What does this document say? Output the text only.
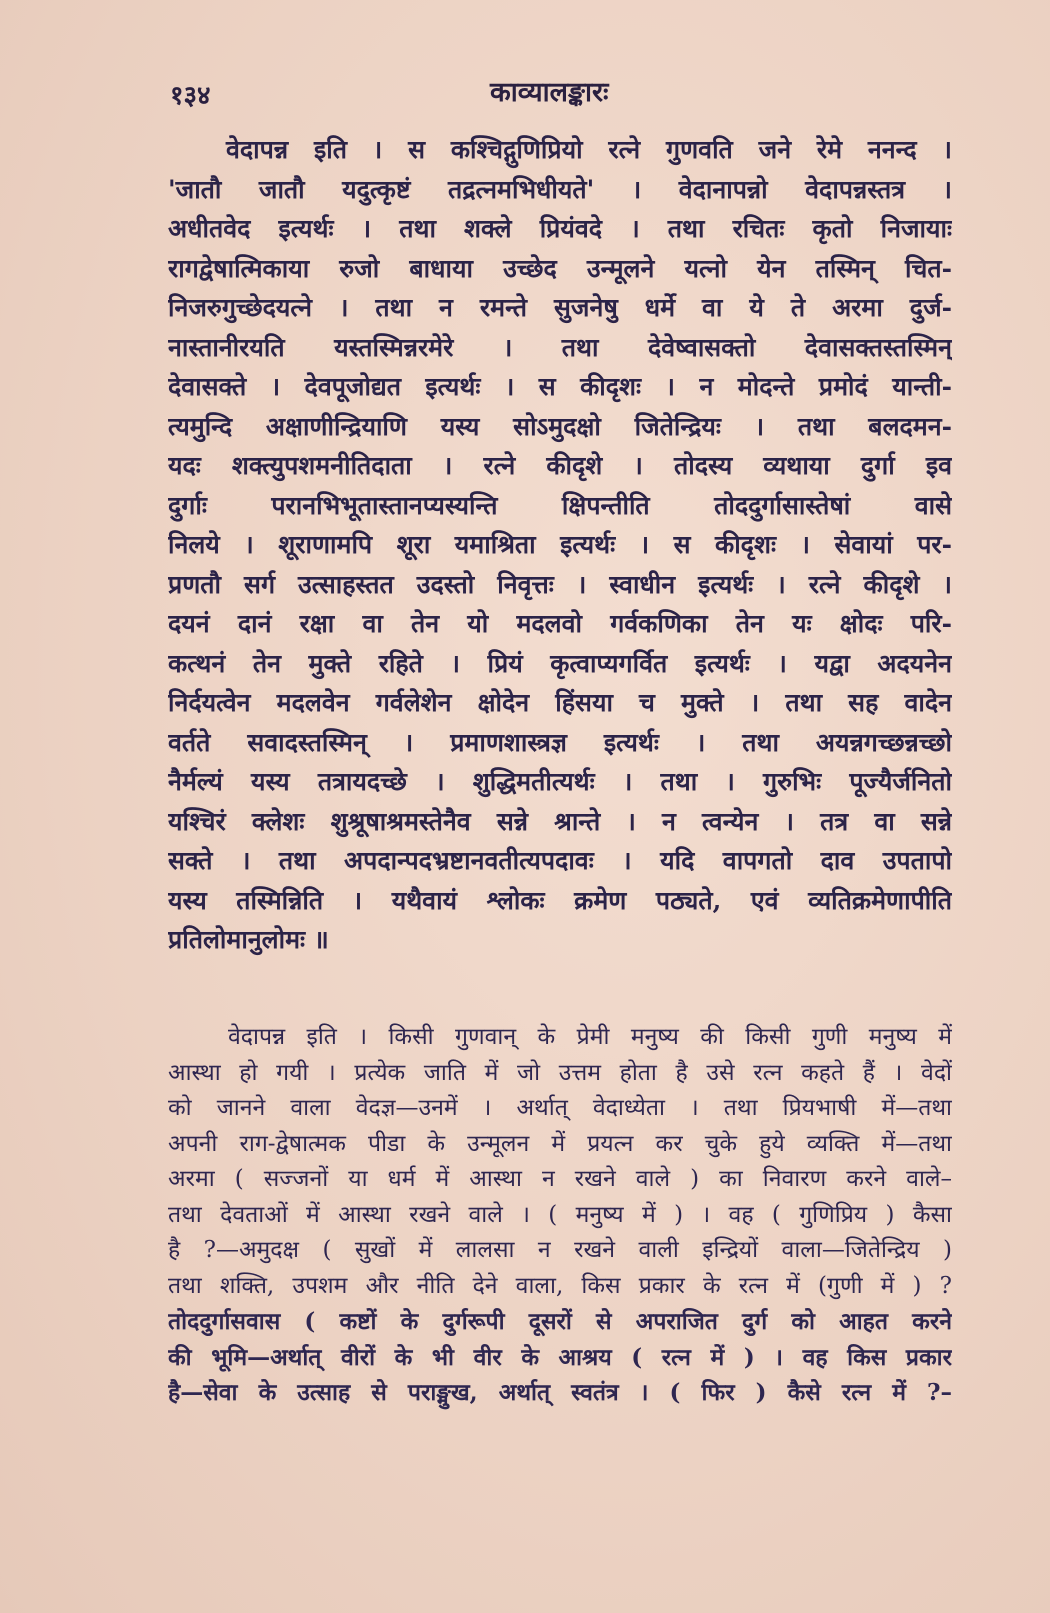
१३४	काव्यालङ्कारः
वेदापन्न इति । स कश्चिद्गुणिप्रियो रत्ने गुणवति जने रेमे ननन्द ।
'जातौ जातौ यदुत्कृष्टं तद्रत्नमभिधीयते' । वेदानापन्नो वेदापन्नस्तत्र ।
अधीतवेद इत्यर्थः । तथा शक्ले प्रियंवदे । तथा रचितः कृतो निजायाः
रागद्वेषात्मिकाया रुजो बाधाया उच्छेद उन्मूलने यत्नो येन तस्मिन् चित-
निजरुगुच्छेदयत्ने । तथा न रमन्ते सुजनेषु धर्मे वा ये ते अरमा दुर्ज-
नास्तानीरयति यस्तस्मिन्नरमेरे । तथा देवेष्वासक्तो देवासक्तस्तस्मिन्
देवासक्ते । देवपूजोद्यत इत्यर्थः । स कीदृशः । न मोदन्ते प्रमोदं यान्ती-
त्यमुन्दि अक्षाणीन्द्रियाणि यस्य सोऽमुदक्षो जितेन्द्रियः । तथा बलदमन-
यदः शक्त्युपशमनीतिदाता । रत्ने कीदृशे । तोदस्य व्यथाया दुर्गा इव
दुर्गाः परानभिभूतास्तानप्यस्यन्ति क्षिपन्तीति तोददुर्गासास्तेषां वासे
निलये । शूराणामपि शूरा यमाश्रिता इत्यर्थः । स कीदृशः । सेवायां पर-
प्रणतौ सर्ग उत्साहस्तत उदस्तो निवृत्तः । स्वाधीन इत्यर्थः । रत्ने कीदृशे ।
दयनं दानं रक्षा वा तेन यो मदलवो गर्वकणिका तेन यः क्षोदः परि-
कत्थनं तेन मुक्ते रहिते । प्रियं कृत्वाप्यगर्वित इत्यर्थः । यद्वा अदयनेन
निर्दयत्वेन मदलवेन गर्वलेशेन क्षोदेन हिंसया च मुक्ते । तथा सह वादेन
वर्तते सवादस्तस्मिन् । प्रमाणशास्त्रज्ञ इत्यर्थः । तथा अयन्नगच्छन्नच्छो
नैर्मल्यं यस्य तत्रायदच्छे । शुद्धिमतीत्यर्थः । तथा । गुरुभिः पूज्यैर्जनितो
यश्चिरं क्लेशः शुश्रूषाश्रमस्तेनैव सन्ने श्रान्ते । न त्वन्येन । तत्र वा सन्ने
सक्ते । तथा अपदान्पदभ्रष्टानवतीत्यपदावः । यदि वापगतो दाव उपतापो
यस्य तस्मिन्निति । यथैवायं श्लोकः क्रमेण पठ्यते, एवं व्यतिक्रमेणापीति
प्रतिलोमानुलोमः ॥
वेदापन्न इति । किसी गुणवान् के प्रेमी मनुष्य की किसी गुणी मनुष्य में
आस्था हो गयी । प्रत्येक जाति में जो उत्तम होता है उसे रत्न कहते हैं । वेदों
को जानने वाला वेदज्ञ—उनमें । अर्थात् वेदाध्येता । तथा प्रियभाषी में—तथा
अपनी राग-द्वेषात्मक पीडा के उन्मूलन में प्रयत्न कर चुके हुये व्यक्ति में—तथा
अरमा ( सज्जनों या धर्म में आस्था न रखने वाले ) का निवारण करने वाले–
तथा देवताओं में आस्था रखने वाले । ( मनुष्य में ) । वह ( गुणिप्रिय ) कैसा
है ?—अमुदक्ष ( सुखों में लालसा न रखने वाली इन्द्रियों वाला—जितेन्द्रिय )
तथा शक्ति, उपशम और नीति देने वाला, किस प्रकार के रत्न में (गुणी में ) ?
तोददुर्गासवास ( कष्टों के दुर्गरूपी दूसरों से अपराजित दुर्ग को आहत करने
की भूमि—अर्थात् वीरों के भी वीर के आश्रय ( रत्न में ) । वह किस प्रकार
है—सेवा के उत्साह से पराङ्मुख, अर्थात् स्वतंत्र । ( फिर ) कैसे रत्न में ?–
